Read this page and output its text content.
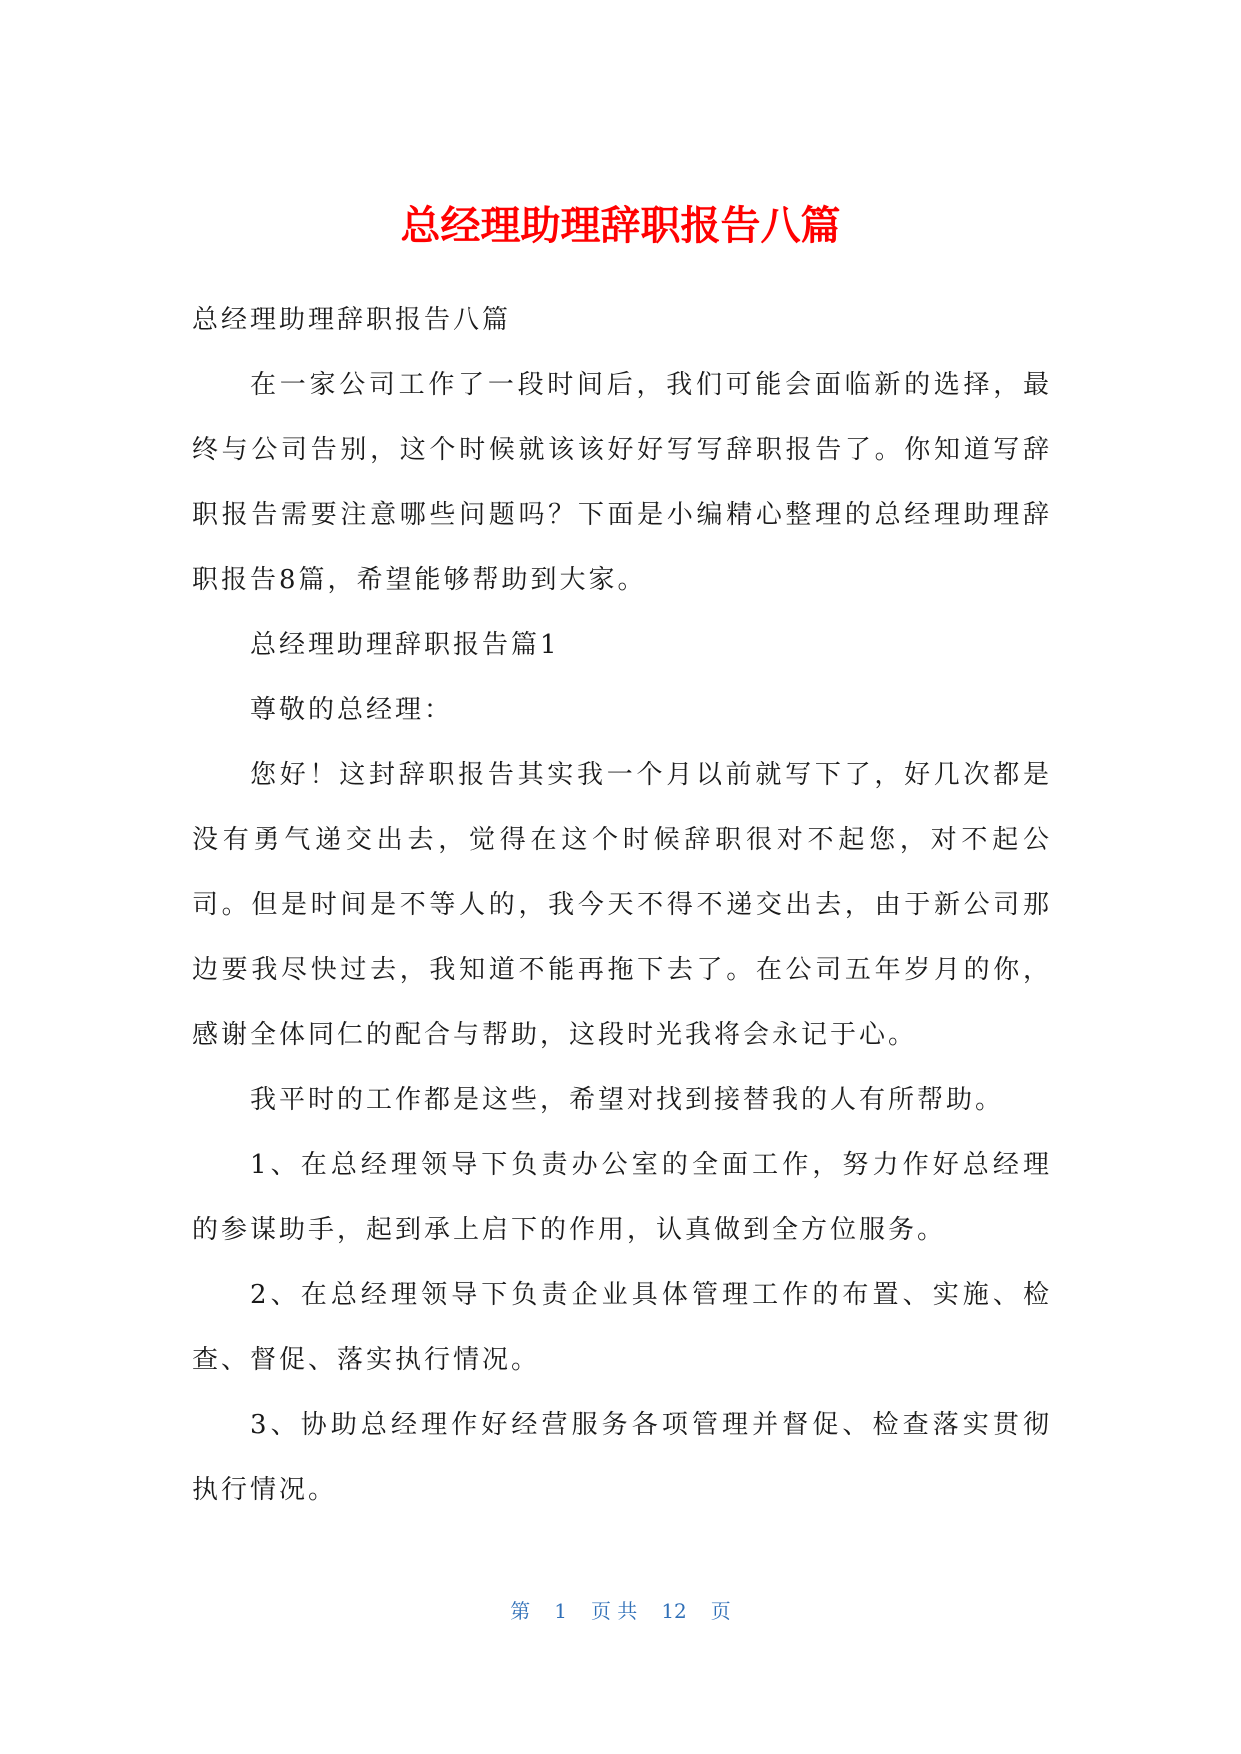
总经理助理辞职报告八篇

总经理助理辞职报告八篇

在一家公司工作了一段时间后，我们可能会面临新的选择，最终与公司告别，这个时候就该该好好写写辞职报告了。你知道写辞职报告需要注意哪些问题吗？下面是小编精心整理的总经理助理辞职报告8篇，希望能够帮助到大家。

总经理助理辞职报告篇1

尊敬的总经理：

您好！这封辞职报告其实我一个月以前就写下了，好几次都是没有勇气递交出去，觉得在这个时候辞职很对不起您，对不起公司。但是时间是不等人的，我今天不得不递交出去，由于新公司那边要我尽快过去，我知道不能再拖下去了。在公司五年岁月的你，感谢全体同仁的配合与帮助，这段时光我将会永记于心。

我平时的工作都是这些，希望对找到接替我的人有所帮助。

1、在总经理领导下负责办公室的全面工作，努力作好总经理的参谋助手，起到承上启下的作用，认真做到全方位服务。

2、在总经理领导下负责企业具体管理工作的布置、实施、检查、督促、落实执行情况。

3、协助总经理作好经营服务各项管理并督促、检查落实贯彻执行情况。

第 1 页 共 12 页
